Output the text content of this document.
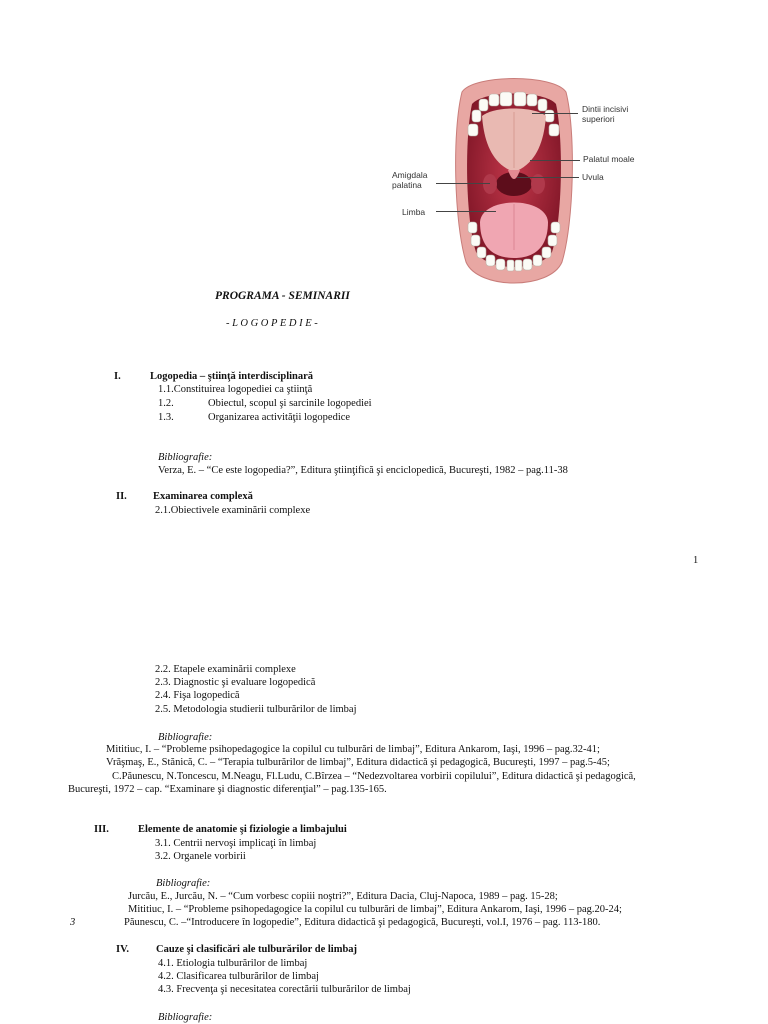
Dintii incisivi
superiori
Palatul moale
Uvula
Amigdala
palatina
Limba
PROGRAMA - SEMINARII
- L O G O P E D I E -
I.	Logopedia – ştiinţă interdisciplinară
1.1.Constituirea logopediei ca ştiinţă
1.2.	Obiectul, scopul şi sarcinile logopediei
1.3.	Organizarea activităţii logopedice
Bibliografie:
Verza, E. – “Ce este logopedia?”, Editura ştiinţifică şi enciclopedică, Bucureşti, 1982 – pag.11-38
II. Examinarea complexă
2.1.Obiectivele examinării complexe
1
2.2. Etapele examinării complexe
2.3. Diagnostic şi evaluare logopedică
2.4. Fişa logopedică
2.5. Metodologia studierii tulburărilor de limbaj
Bibliografie:
Mititiuc, I. – “Probleme psihopedagogice la copilul cu tulburări de limbaj”, Editura Ankarom, Iaşi, 1996 – pag.32-41;
Vrăşmaş, E., Stănică, C. – “Terapia tulburărilor de limbaj”, Editura didactică şi pedagogică, Bucureşti, 1997 – pag.5-45;
C.Păunescu, N.Toncescu, M.Neagu, Fl.Ludu, C.Bîrzea – “Nedezvoltarea vorbirii copilului”, Editura didactică şi pedagogică,
Bucureşti, 1972 – cap. “Examinare şi diagnostic diferenţial” – pag.135-165.
III.	Elemente de anatomie şi fiziologie a limbajului
3.1. Centrii nervoşi implicaţi în limbaj
3.2. Organele vorbirii
Bibliografie:
Jurcău, E., Jurcău, N. – “Cum vorbesc copiii noştri?”, Editura Dacia, Cluj-Napoca, 1989 – pag. 15-28;
Mititiuc, I. – “Probleme psihopedagogice la copilul cu tulburări de limbaj”, Editura Ankarom, Iaşi, 1996 – pag.20-24;
3	Păunescu, C. –“Introducere în logopedie”, Editura didactică şi pedagogică, Bucureşti, vol.I, 1976 – pag. 113-180.
IV.	Cauze şi clasificări ale tulburărilor de limbaj
4.1. Etiologia tulburărilor de limbaj
4.2. Clasificarea tulburărilor de limbaj
4.3. Frecvenţa şi necesitatea corectării tulburărilor de limbaj
Bibliografie:
